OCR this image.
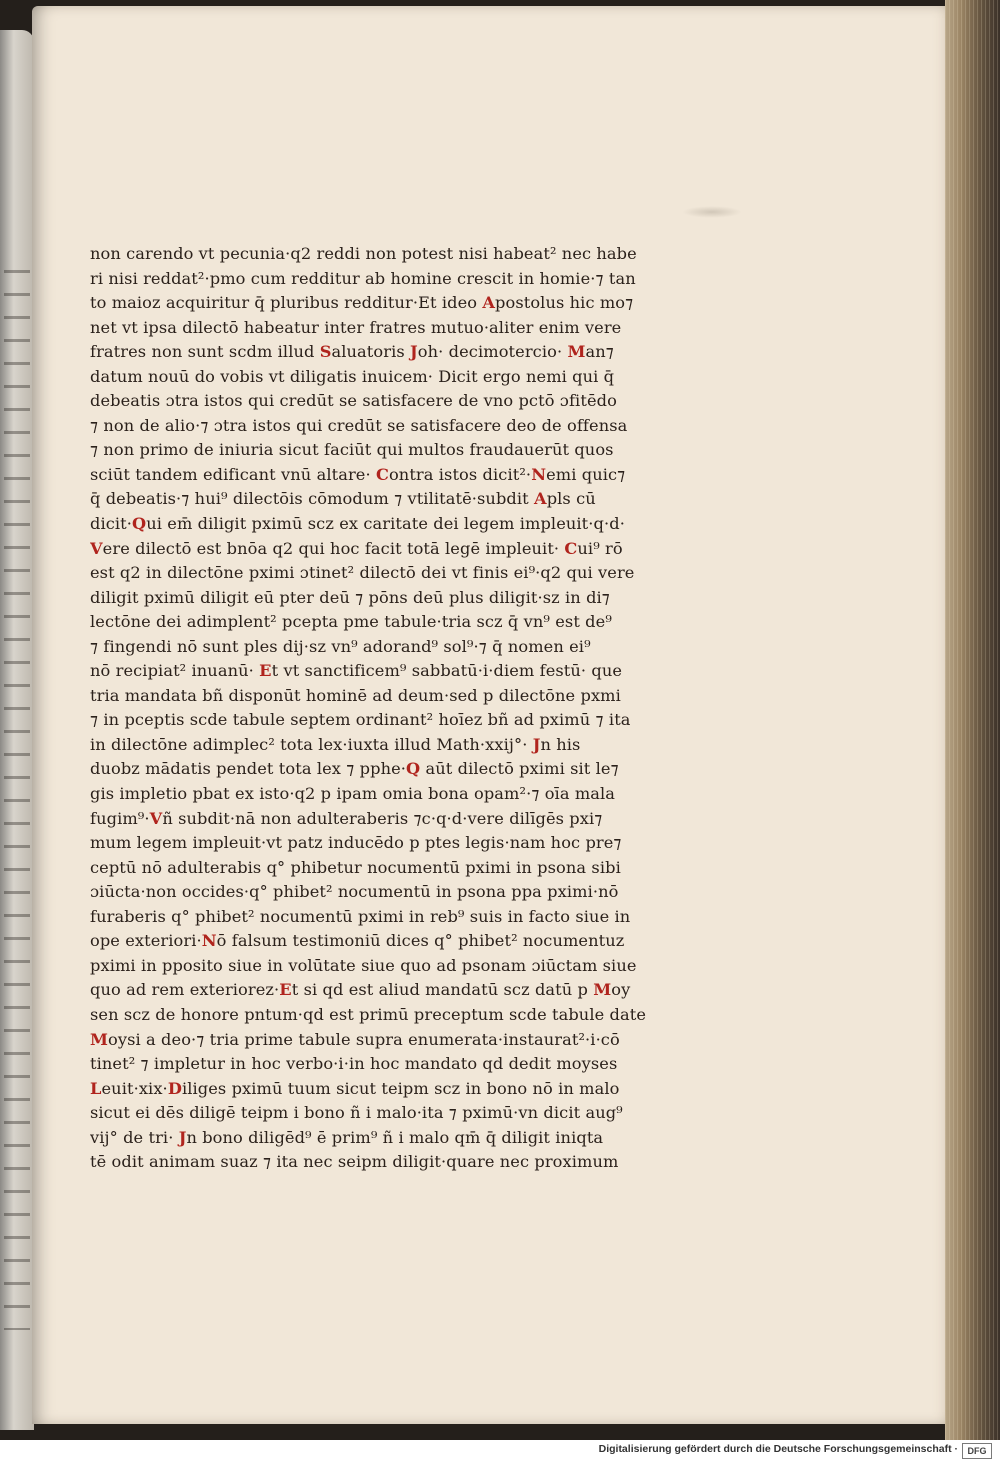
non carendo vt pecunia·q2 reddi non potest nisi habeat² nec habe
ri nisi reddat²·pmo cum redditur ab homine crescit in homie·⁊ tan
to maioz acquiritur q̄ pluribus redditur·Et ideo Apostolus hic mo⁊
net vt ipsa dilectō habeatur inter fratres mutuo·aliter enim vere
fratres non sunt scdm illud Saluatoris Joh· decimotercio· Man⁊
datum nouū do vobis vt diligatis inuicem· Dicit ergo nemi qui q̄
debeatis ɔtra istos qui credūt se satisfacere de vno pctō ɔfitēdo
⁊ non de alio·⁊ ɔtra istos qui credūt se satisfacere deo de offensa
⁊ non primo de iniuria sicut faciūt qui multos fraudauerūt quos
sciūt tandem edificant vnū altare· Contra istos dicit²·Nemi quic⁊
q̄ debeatis·⁊ hui⁹ dilectōis cōmodum ⁊ vtilitatē·subdit Apls cū
dicit·Qui em̄ diligit pximū scz ex caritate dei legem impleuit·q·d·
Vere dilectō est bnōa q2 qui hoc facit totā legē impleuit· Cui⁹ rō
est q2 in dilectōne pximi ɔtinet² dilectō dei vt finis ei⁹·q2 qui vere
diligit pximū diligit eū pter deū ⁊ pōns deū plus diligit·sz in di⁊
lectōne dei adimplent² pcepta pme tabule·tria scz q̄ vn⁹ est de⁹
⁊ fingendi nō sunt ples dij·sz vn⁹ adorand⁹ sol⁹·⁊ q̄ nomen ei⁹
nō recipiat² inuanū· Et vt sanctificem⁹ sabbatū·i·diem festū· que
tria mandata bñ disponūt hominē ad deum·sed p dilectōne pxmi
⁊ in pceptis scde tabule septem ordinant² hoīez bñ ad pximū ⁊ ita
in dilectōne adimplec² tota lex·iuxta illud Math·xxij°· Jn his
duobz mādatis pendet tota lex ⁊ pphe·Q aūt dilectō pximi sit le⁊
gis impletio pbat ex isto·q2 p ipam omia bona opam²·⁊ oīa mala
fugim⁹·Vñ subdit·nā non adulteraberis ⁊c·q·d·vere dilīgēs pxi⁊
mum legem impleuit·vt patz inducēdo p ptes legis·nam hoc pre⁊
ceptū nō adulterabis q° phibetur nocumentū pximi in psona sibi
ɔiūcta·non occides·q° phibet² nocumentū in psona ppa pximi·nō
furaberis q° phibet² nocumentū pximi in reb⁹ suis in facto siue in
ope exteriori·Nō falsum testimoniū dices q° phibet² nocumentuz
pximi in pposito siue in volūtate siue quo ad psonam ɔiūctam siue
quo ad rem exteriorez·Et si qd est aliud mandatū scz datū p Moy
sen scz de honore pntum·qd est primū preceptum scde tabule date
Moysi a deo·⁊ tria prime tabule supra enumerata·instaurat²·i·cō
tinet² ⁊ impletur in hoc verbo·i·in hoc mandato qd dedit moyses
Leuit·xix·Diliges pximū tuum sicut teipm scz in bono nō in malo
sicut ei dēs diligē teipm i bono ñ i malo·ita ⁊ pximū·vn dicit aug⁹
vij° de tri· Jn bono diligēd⁹ ē prim⁹ ñ i malo qm̄ q̄ diligit iniqta
tē odit animam suaz ⁊ ita nec seipm diligit·quare nec proximum
Digitalisierung gefördert durch die Deutsche Forschungsgemeinschaft ·	DFG
